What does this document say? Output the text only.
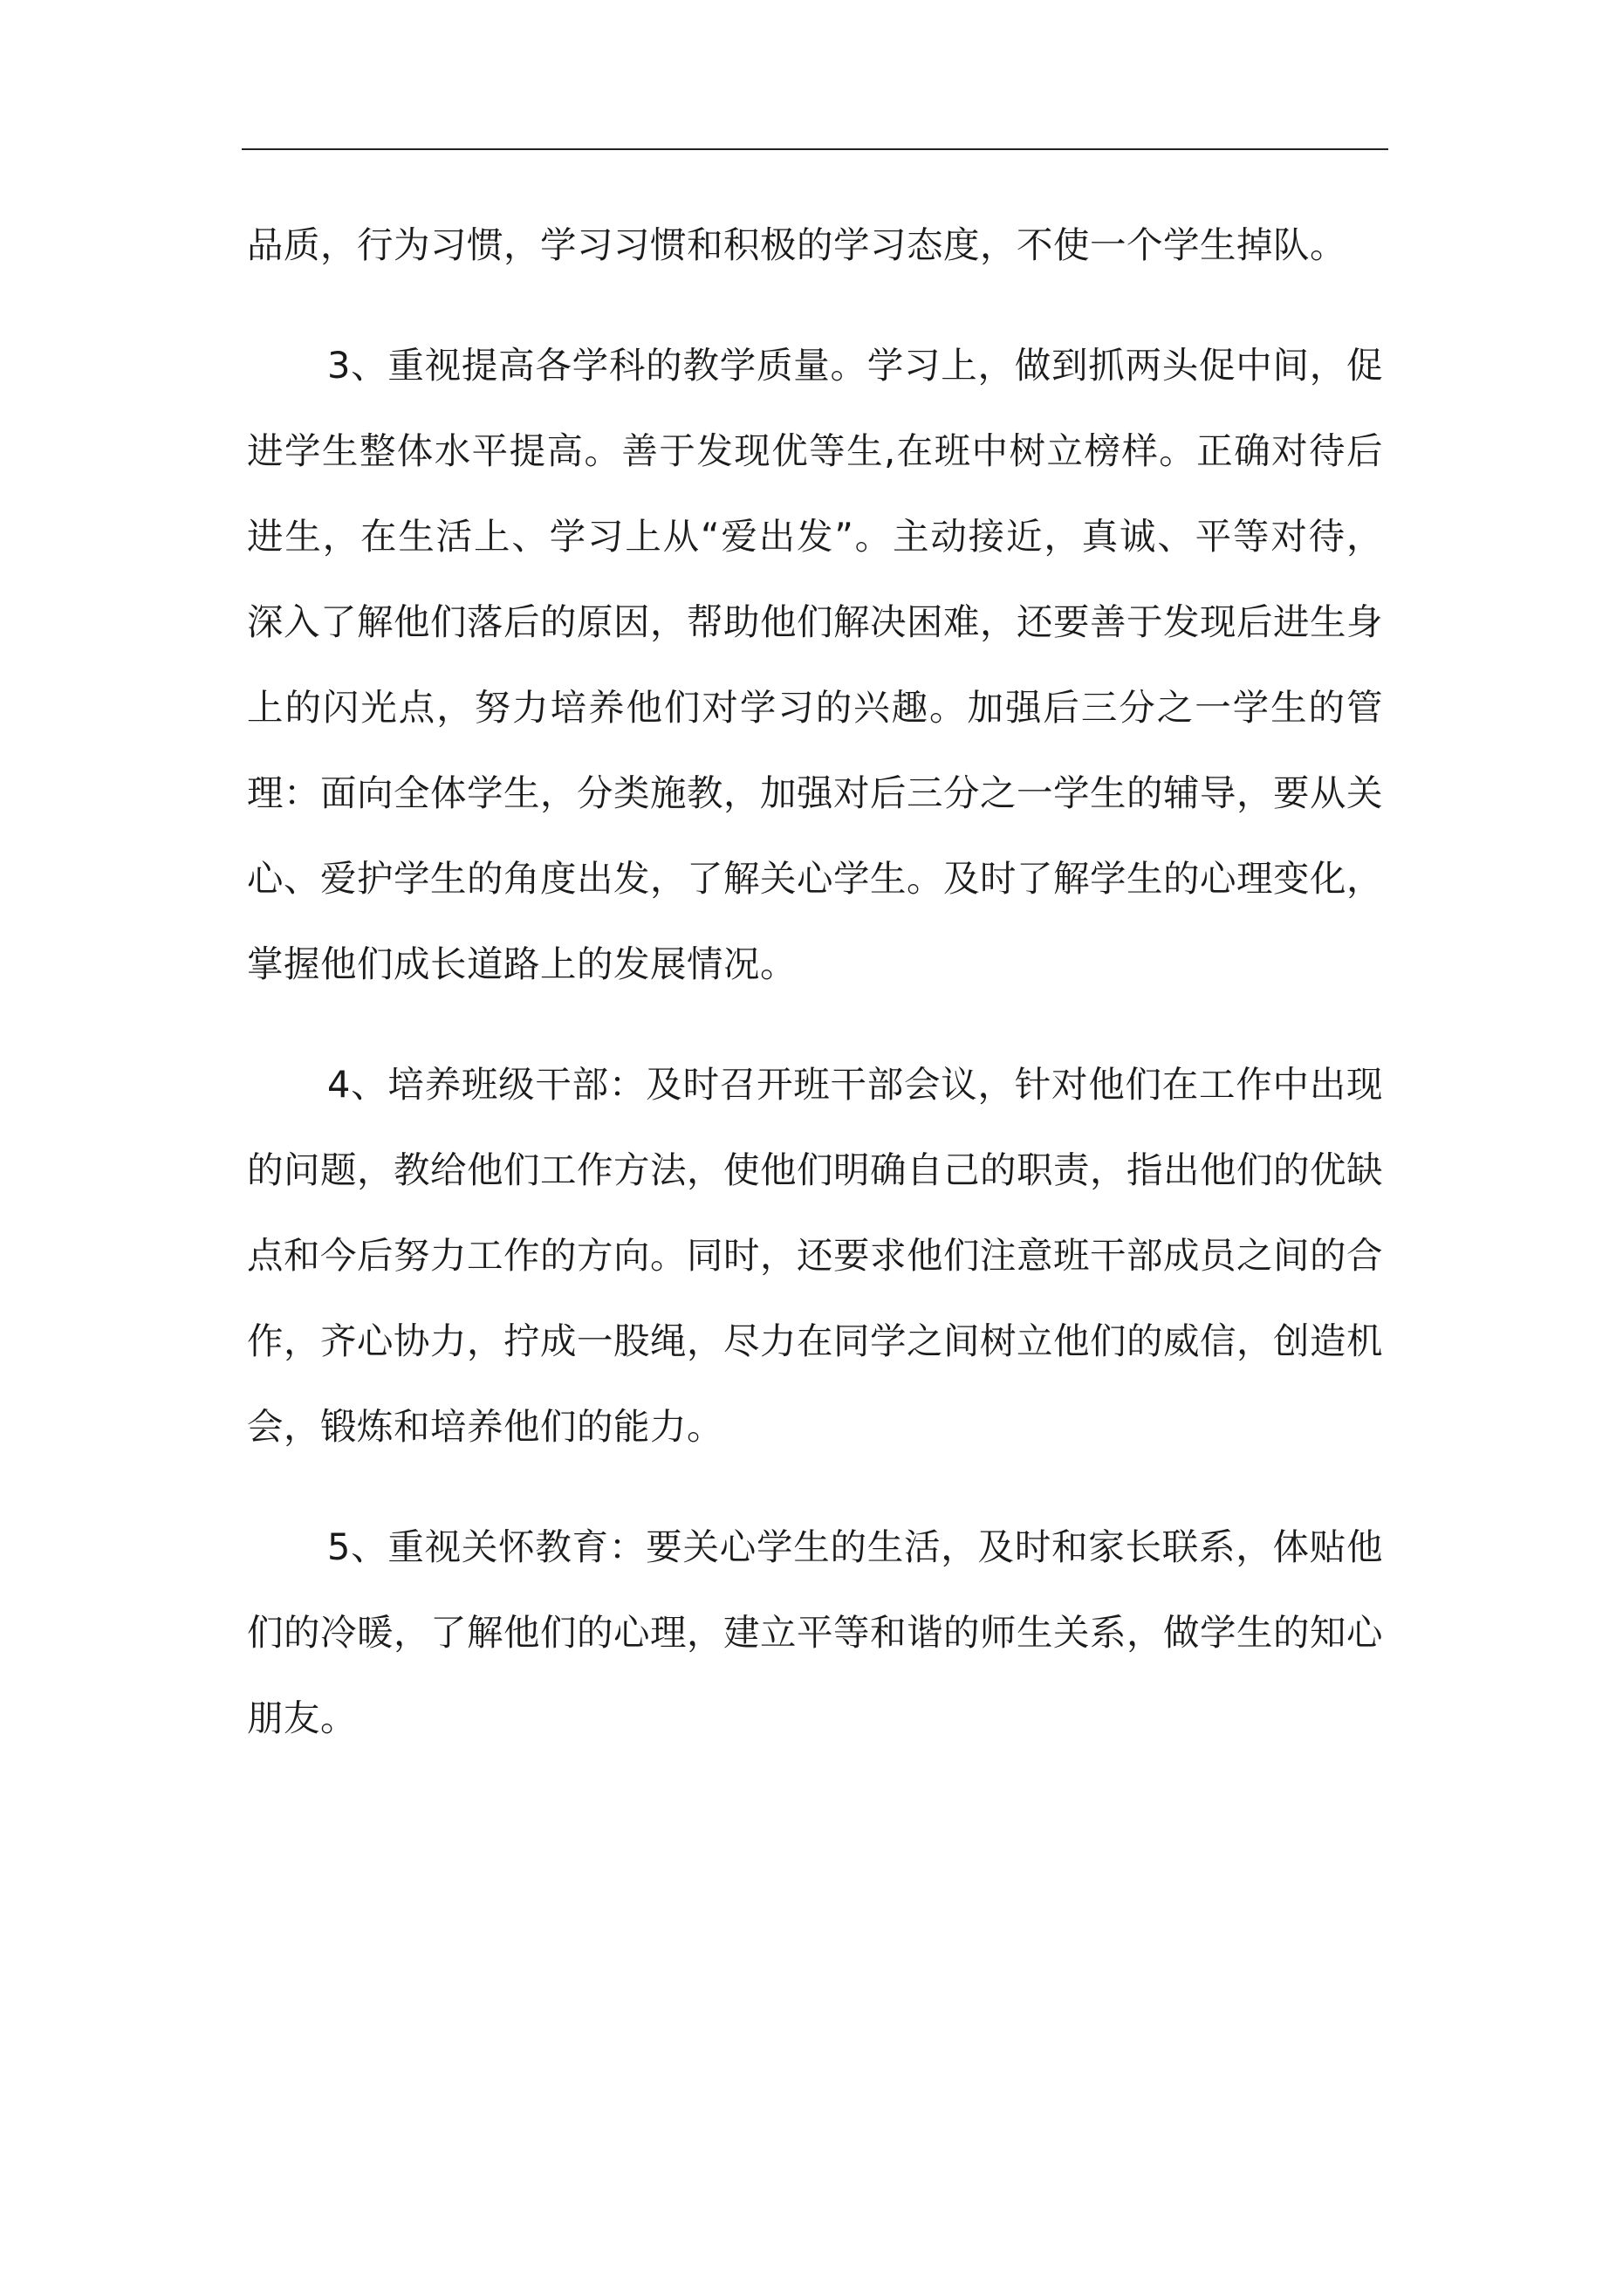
品质，行为习惯，学习习惯和积极的学习态度，不使一个学生掉队。

3、重视提高各学科的教学质量。学习上，做到抓两头促中间，促进学生整体水平提高。善于发现优等生,在班中树立榜样。正确对待后进生，在生活上、学习上从“爱出发”。主动接近，真诚、平等对待，深入了解他们落后的原因，帮助他们解决困难，还要善于发现后进生身上的闪光点，努力培养他们对学习的兴趣。加强后三分之一学生的管理：面向全体学生，分类施教，加强对后三分之一学生的辅导，要从关心、爱护学生的角度出发，了解关心学生。及时了解学生的心理变化，掌握他们成长道路上的发展情况。

4、培养班级干部：及时召开班干部会议，针对他们在工作中出现的问题，教给他们工作方法，使他们明确自己的职责，指出他们的优缺点和今后努力工作的方向。同时，还要求他们注意班干部成员之间的合作，齐心协力，拧成一股绳，尽力在同学之间树立他们的威信，创造机会，锻炼和培养他们的能力。

5、重视关怀教育：要关心学生的生活，及时和家长联系，体贴他们的冷暖，了解他们的心理，建立平等和谐的师生关系，做学生的知心朋友。
